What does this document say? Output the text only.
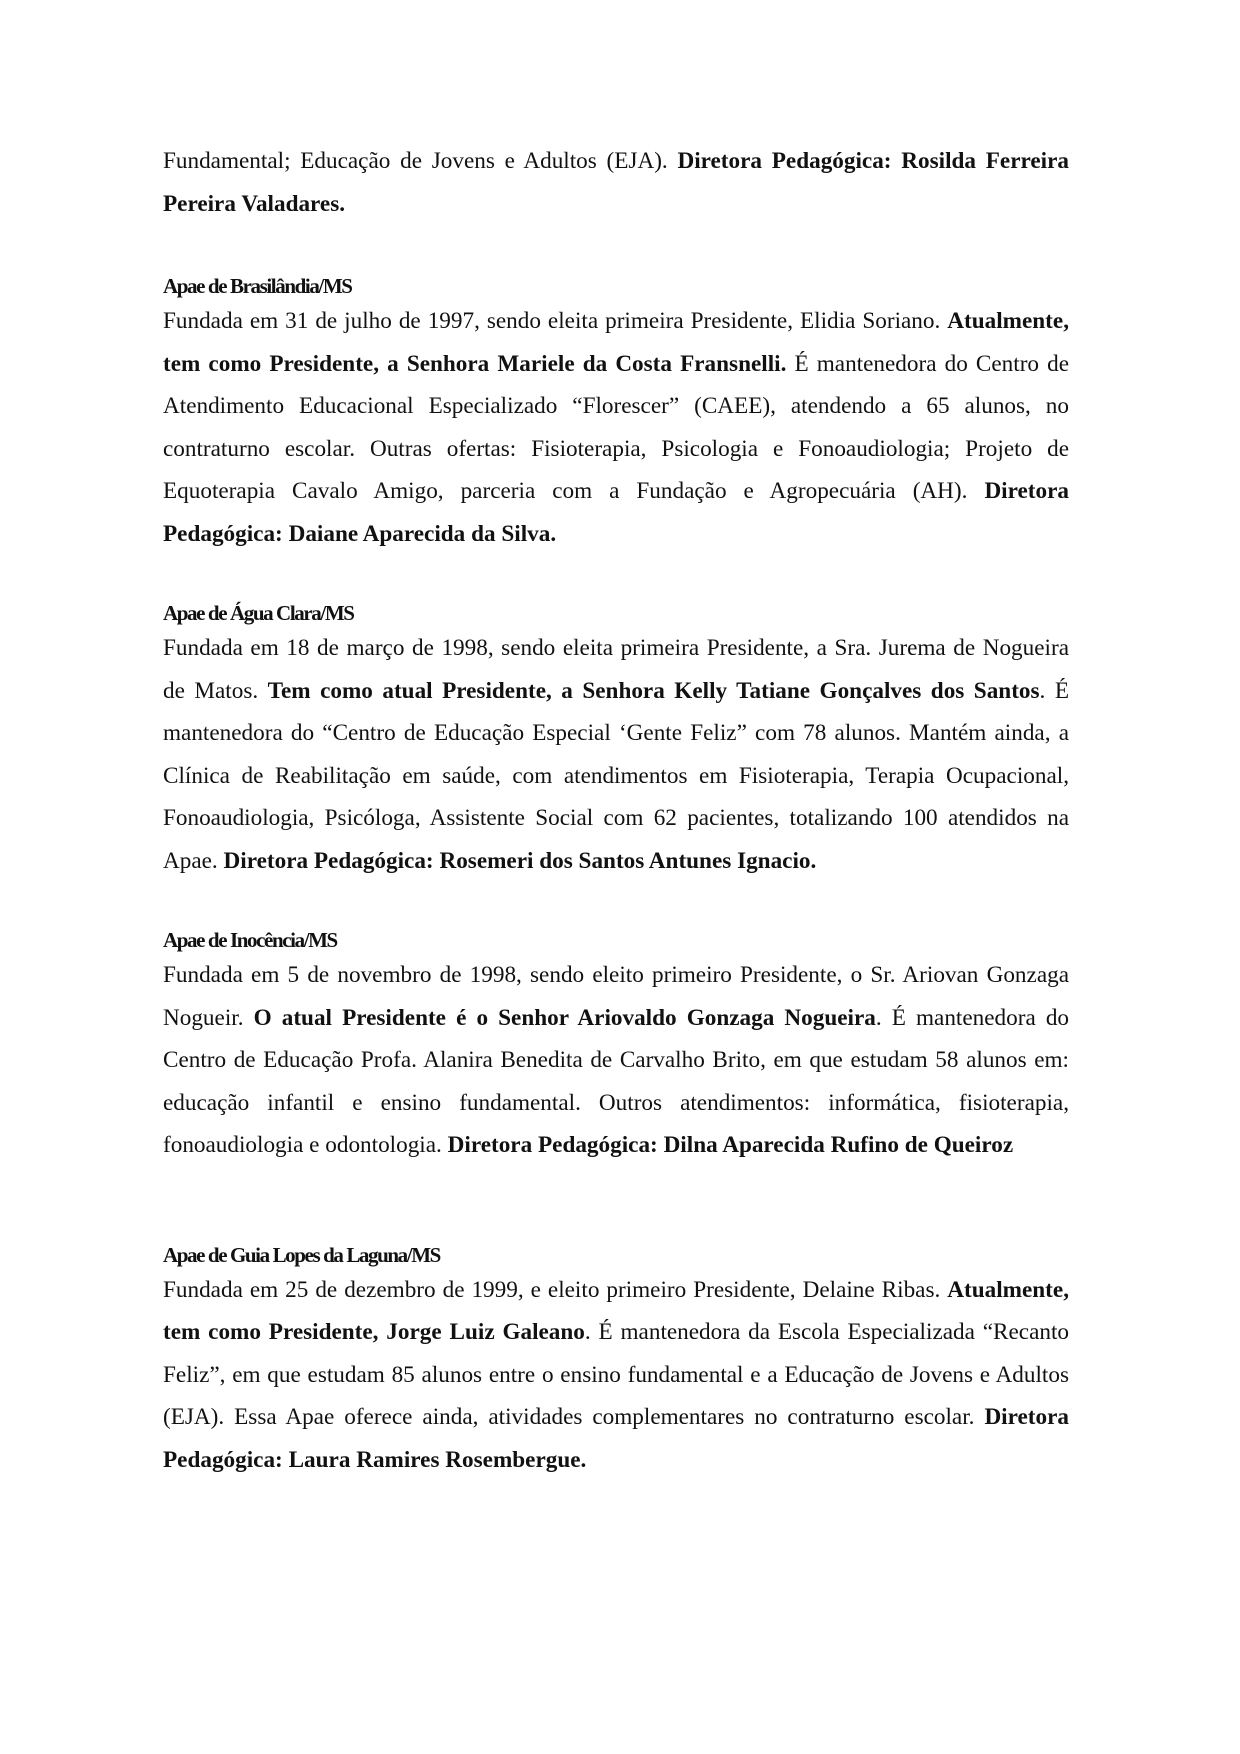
Fundamental; Educação de Jovens e Adultos (EJA). Diretora Pedagógica: Rosilda Ferreira Pereira Valadares.

Apae de Brasilândia/MS

Fundada em 31 de julho de 1997, sendo eleita primeira Presidente, Elidia Soriano. Atualmente, tem como Presidente, a Senhora Mariele da Costa Fransnelli. É mantenedora do Centro de Atendimento Educacional Especializado “Florescer” (CAEE), atendendo a 65 alunos, no contraturno escolar. Outras ofertas: Fisioterapia, Psicologia e Fonoaudiologia; Projeto de Equoterapia Cavalo Amigo, parceria com a Fundação e Agropecuária (AH). Diretora Pedagógica: Daiane Aparecida da Silva.

Apae de Água Clara/MS

Fundada em 18 de março de 1998, sendo eleita primeira Presidente, a Sra. Jurema de Nogueira de Matos. Tem como atual Presidente, a Senhora Kelly Tatiane Gonçalves dos Santos. É mantenedora do “Centro de Educação Especial ‘Gente Feliz” com 78 alunos. Mantém ainda, a Clínica de Reabilitação em saúde, com atendimentos em Fisioterapia, Terapia Ocupacional, Fonoaudiologia, Psicóloga, Assistente Social com 62 pacientes, totalizando 100 atendidos na Apae. Diretora Pedagógica: Rosemeri dos Santos Antunes Ignacio.

Apae de Inocência/MS

Fundada em 5 de novembro de 1998, sendo eleito primeiro Presidente, o Sr. Ariovan Gonzaga Nogueir. O atual Presidente é o Senhor Ariovaldo Gonzaga Nogueira. É mantenedora do Centro de Educação Profa. Alanira Benedita de Carvalho Brito, em que estudam 58 alunos em: educação infantil e ensino fundamental. Outros atendimentos: informática, fisioterapia, fonoaudiologia e odontologia. Diretora Pedagógica: Dilna Aparecida Rufino de Queiroz

Apae de Guia Lopes da Laguna/MS

Fundada em 25 de dezembro de 1999, e eleito primeiro Presidente, Delaine Ribas. Atualmente, tem como Presidente, Jorge Luiz Galeano. É mantenedora da Escola Especializada “Recanto Feliz”, em que estudam 85 alunos entre o ensino fundamental e a Educação de Jovens e Adultos (EJA). Essa Apae oferece ainda, atividades complementares no contraturno escolar. Diretora Pedagógica: Laura Ramires Rosembergue.
